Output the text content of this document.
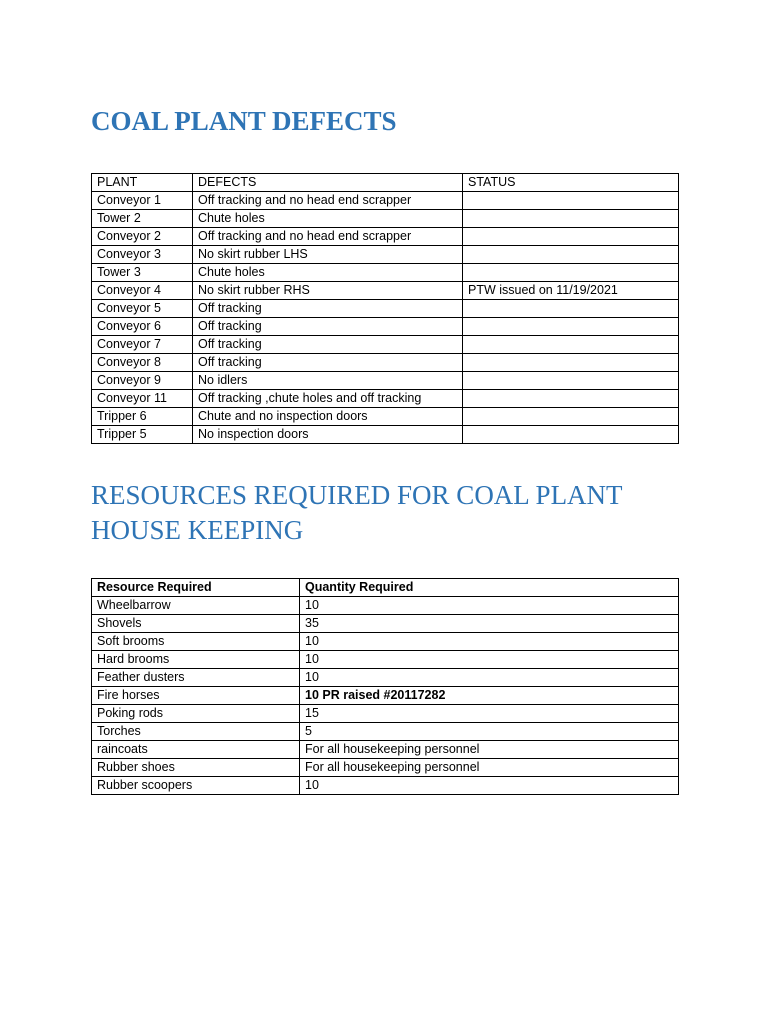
COAL PLANT DEFECTS
PLANT	DEFECTS	STATUS
Conveyor 1	Off tracking and no head end scrapper	
Tower 2	Chute holes	
Conveyor 2	Off tracking and no head end scrapper	
Conveyor 3	No skirt rubber LHS	
Tower 3	Chute holes	
Conveyor 4	No skirt rubber RHS	PTW issued on 11/19/2021
Conveyor 5	Off tracking	
Conveyor 6	Off tracking	
Conveyor 7	Off tracking	
Conveyor 8	Off tracking	
Conveyor 9	No idlers	
Conveyor 11	Off tracking ,chute holes and off tracking	
Tripper 6	Chute and no inspection doors	
Tripper 5	No inspection doors	
RESOURCES REQUIRED FOR COAL PLANT HOUSE KEEPING
Resource Required	Quantity Required
Wheelbarrow	10
Shovels	35
Soft brooms	10
Hard brooms	10
Feather dusters	10
Fire horses	10 PR raised #20117282
Poking rods	15
Torches	5
raincoats	For all housekeeping personnel
Rubber shoes	For all housekeeping personnel
Rubber scoopers	10
